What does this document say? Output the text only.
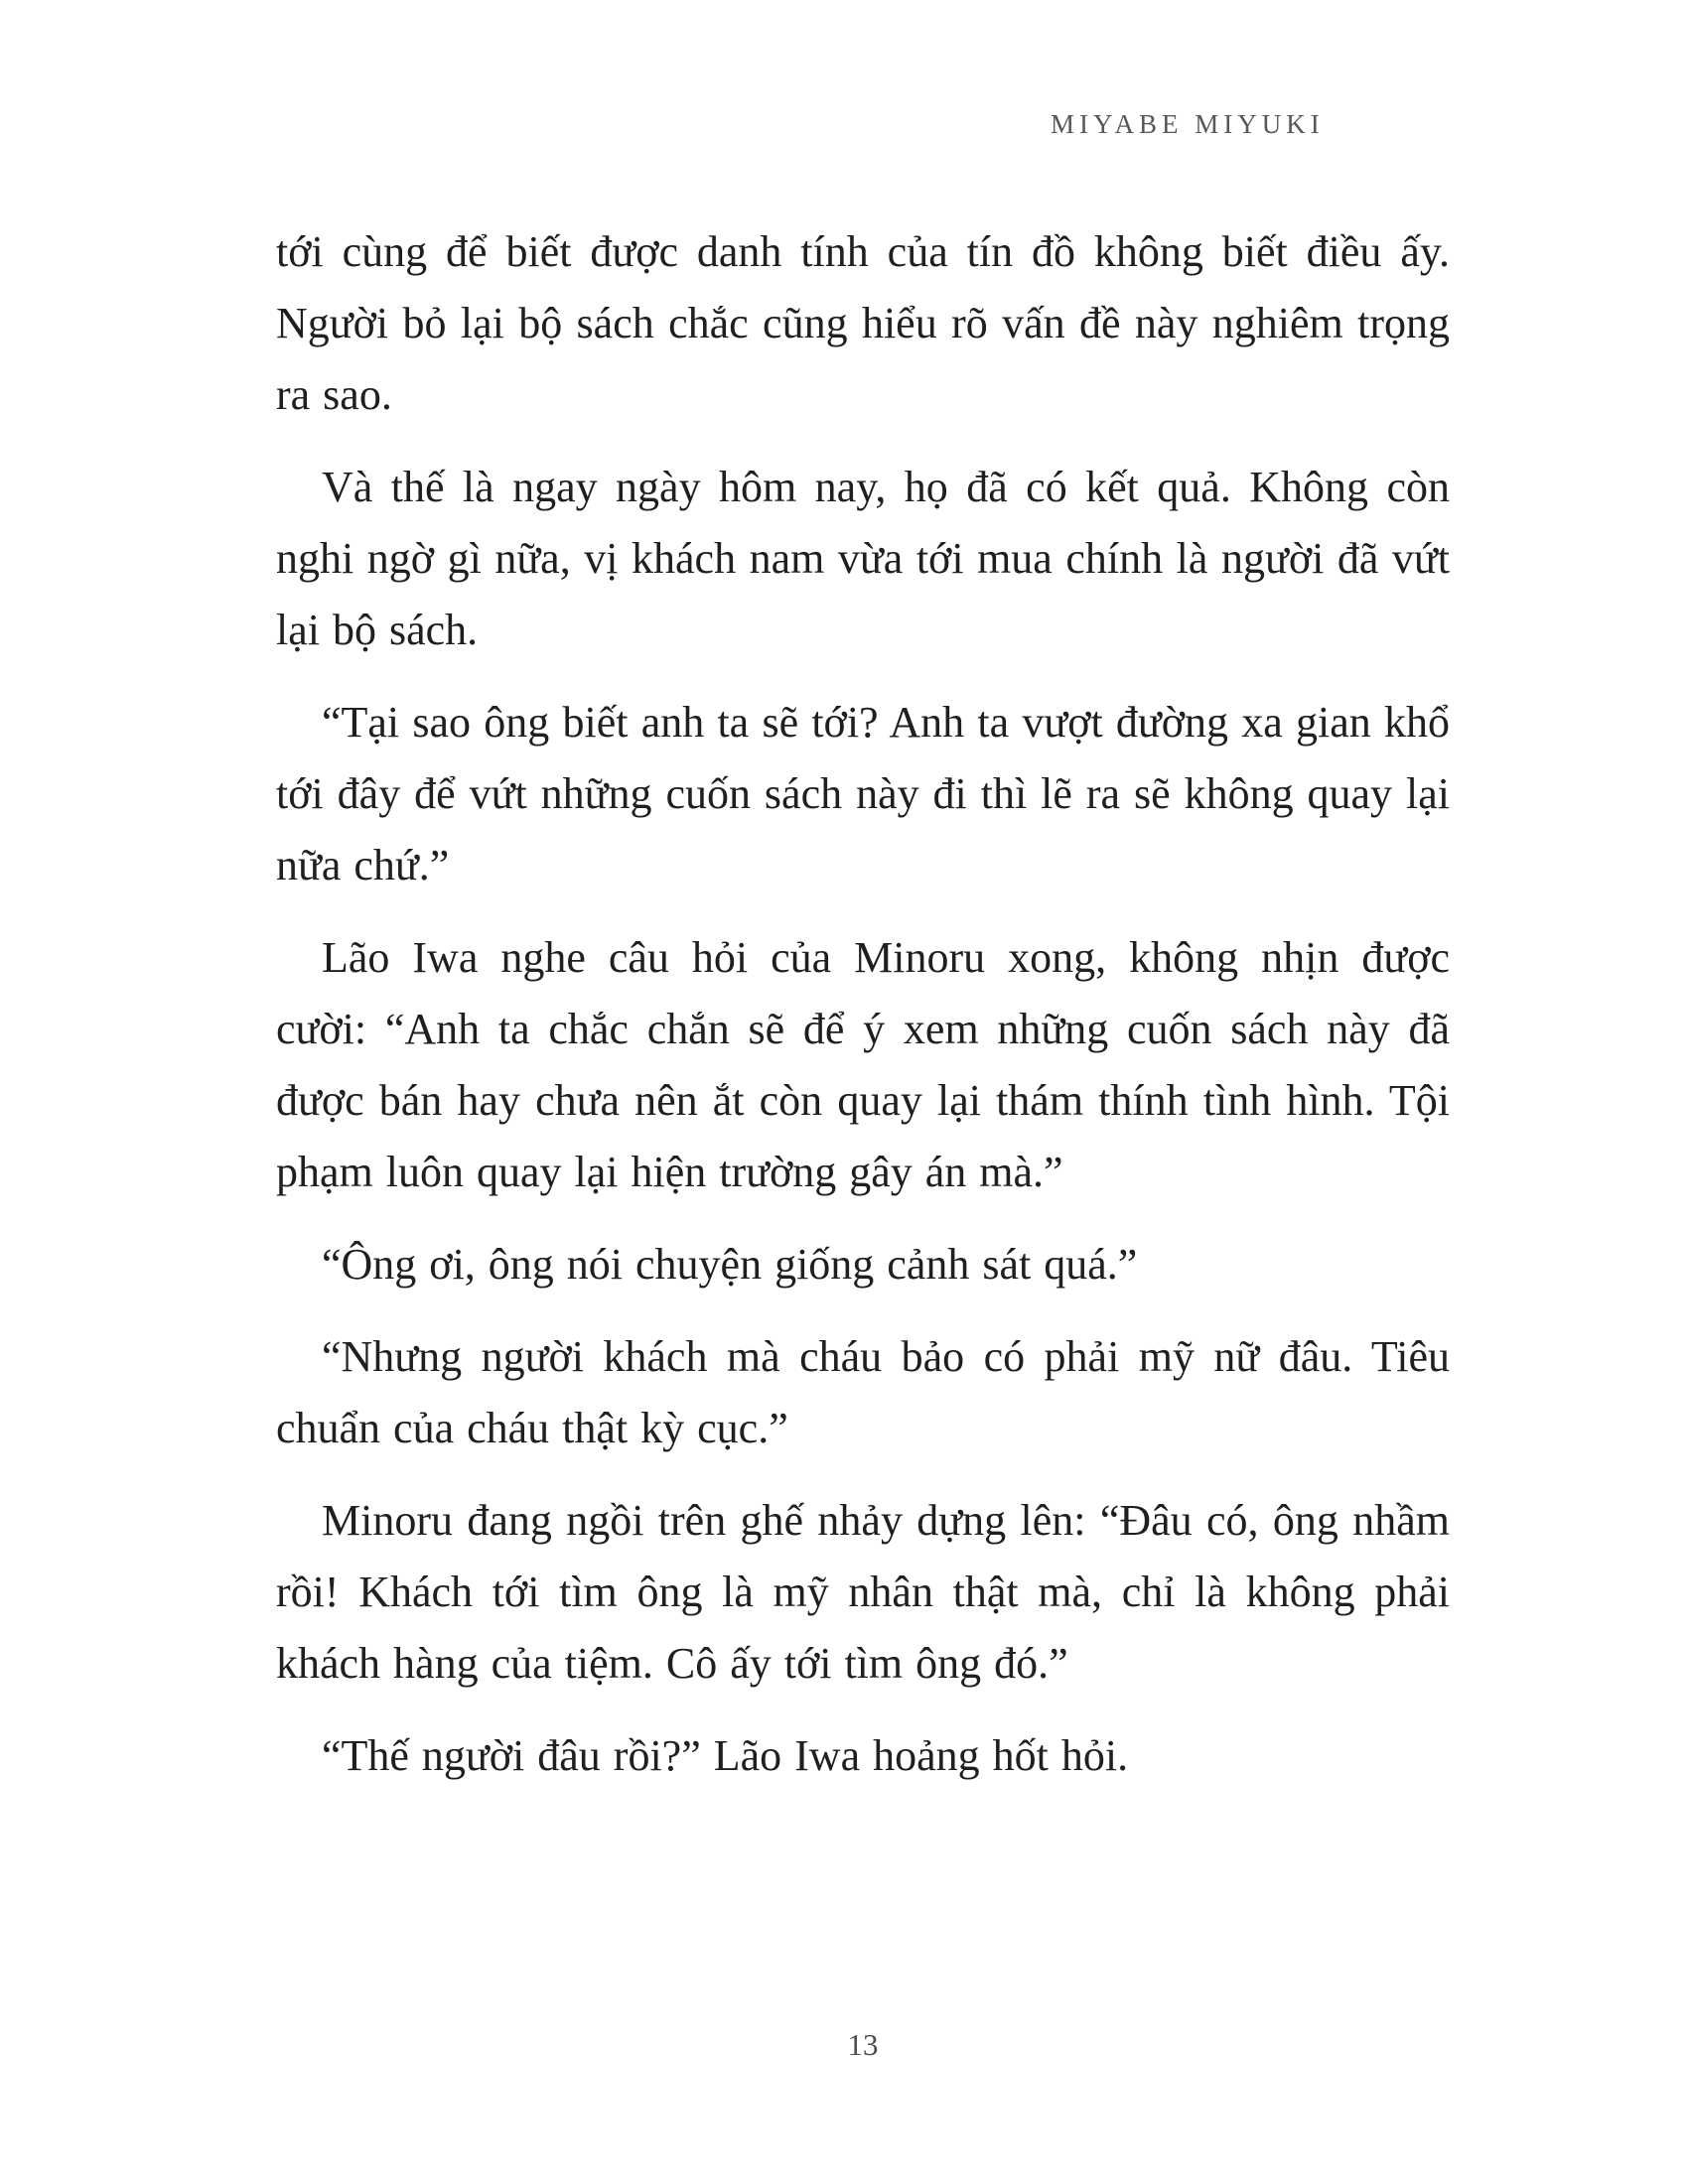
MIYABE MIYUKI

tới cùng để biết được danh tính của tín đồ không biết điều ấy. Người bỏ lại bộ sách chắc cũng hiểu rõ vấn đề này nghiêm trọng ra sao.

Và thế là ngay ngày hôm nay, họ đã có kết quả. Không còn nghi ngờ gì nữa, vị khách nam vừa tới mua chính là người đã vứt lại bộ sách.

“Tại sao ông biết anh ta sẽ tới? Anh ta vượt đường xa gian khổ tới đây để vứt những cuốn sách này đi thì lẽ ra sẽ không quay lại nữa chứ.”

Lão Iwa nghe câu hỏi của Minoru xong, không nhịn được cười: “Anh ta chắc chắn sẽ để ý xem những cuốn sách này đã được bán hay chưa nên ắt còn quay lại thám thính tình hình. Tội phạm luôn quay lại hiện trường gây án mà.”

“Ông ơi, ông nói chuyện giống cảnh sát quá.”

“Nhưng người khách mà cháu bảo có phải mỹ nữ đâu. Tiêu chuẩn của cháu thật kỳ cục.”

Minoru đang ngồi trên ghế nhảy dựng lên: “Đâu có, ông nhầm rồi! Khách tới tìm ông là mỹ nhân thật mà, chỉ là không phải khách hàng của tiệm. Cô ấy tới tìm ông đó.”

“Thế người đâu rồi?” Lão Iwa hoảng hốt hỏi.

13
